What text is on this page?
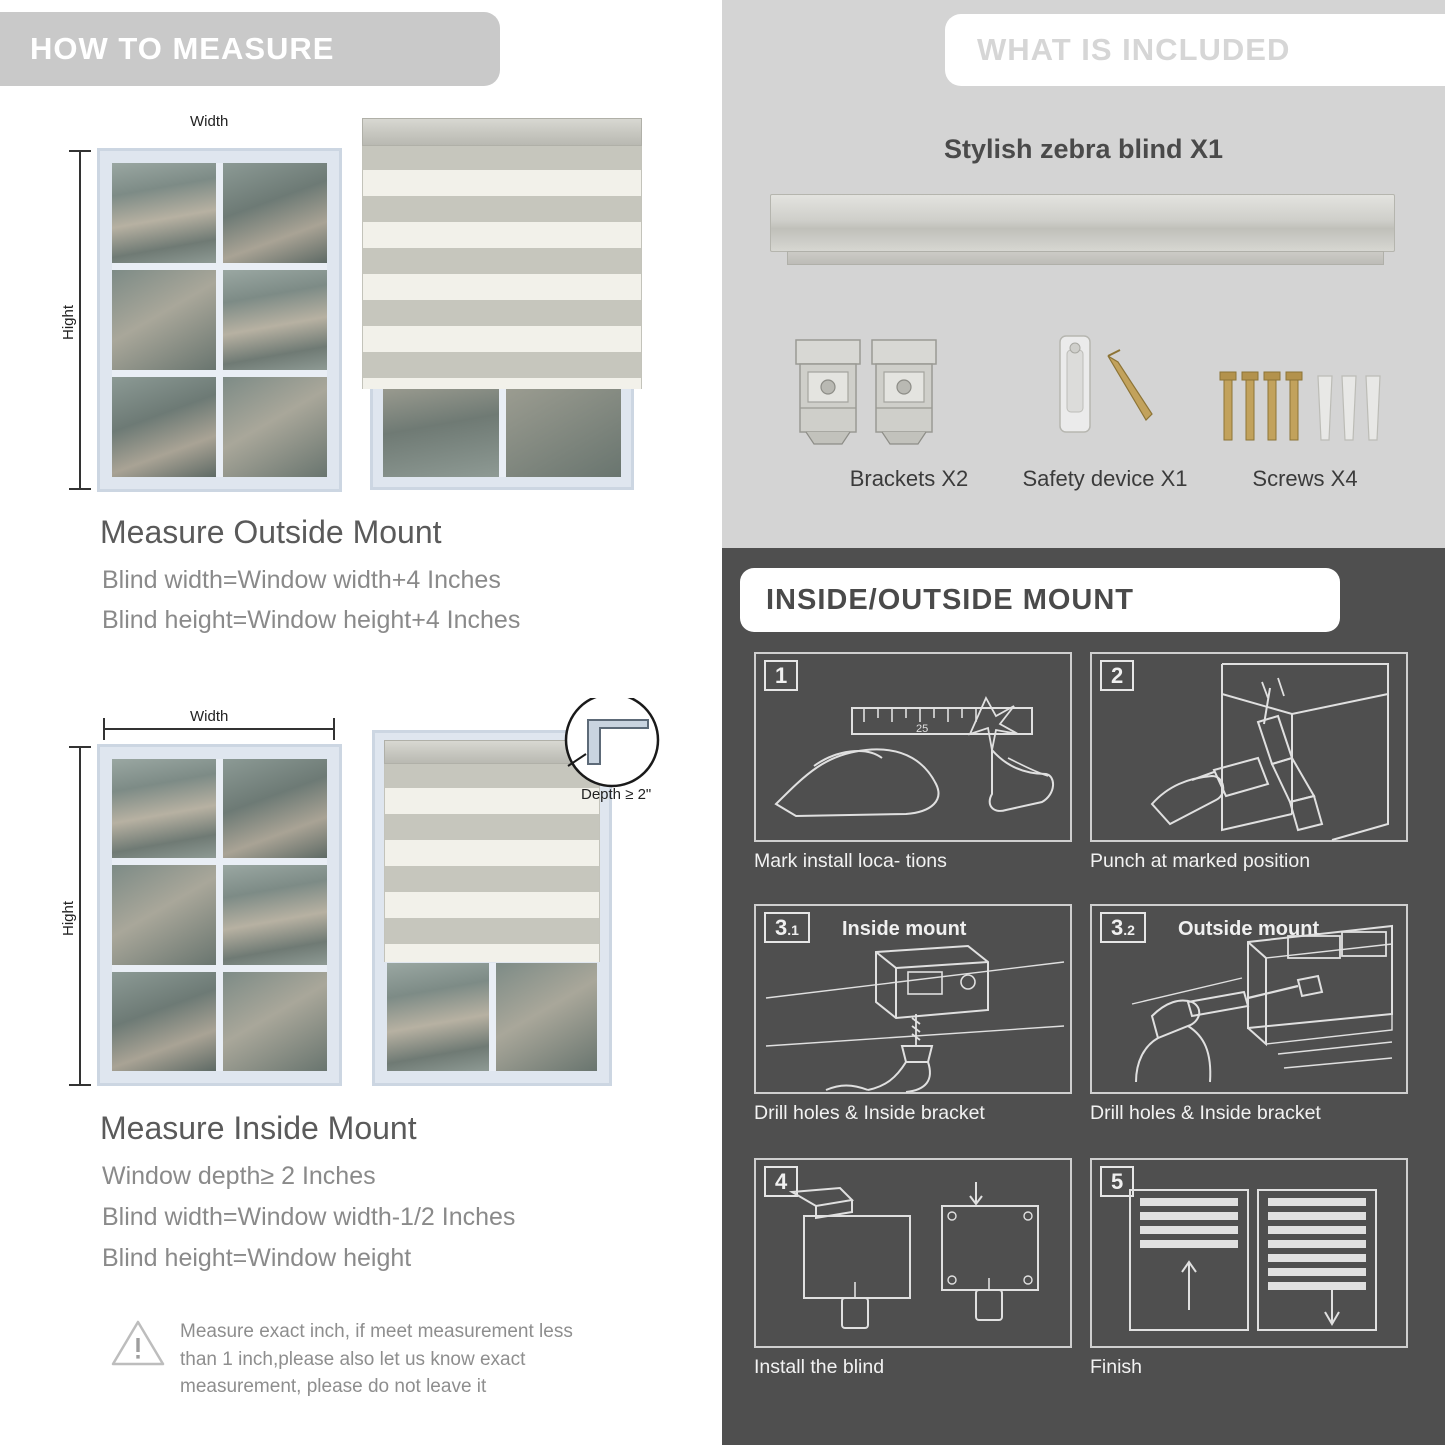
HOW TO MEASURE
Width
Hight
Measure Outside Mount
Blind width=Window width+4 Inches
Blind height=Window height+4 Inches
Width
Hight
Depth ≥ 2"
Measure Inside Mount
Window depth≥ 2 Inches
Blind width=Window width-1/2 Inches
Blind height=Window height
Measure exact inch, if meet measurement less
than 1 inch,please also let us know exact
measurement, please do not leave it
WHAT IS INCLUDED
Stylish zebra blind X1
Brackets X2	Safety device X1	Screws X4
INSIDE/OUTSIDE MOUNT
1
25
Mark install loca- tions
2
Punch at marked position
3.1	Inside mount
Drill holes & Inside bracket
3.2	Outside mount
Drill holes & Inside bracket
4
Install the blind
5
Finish
